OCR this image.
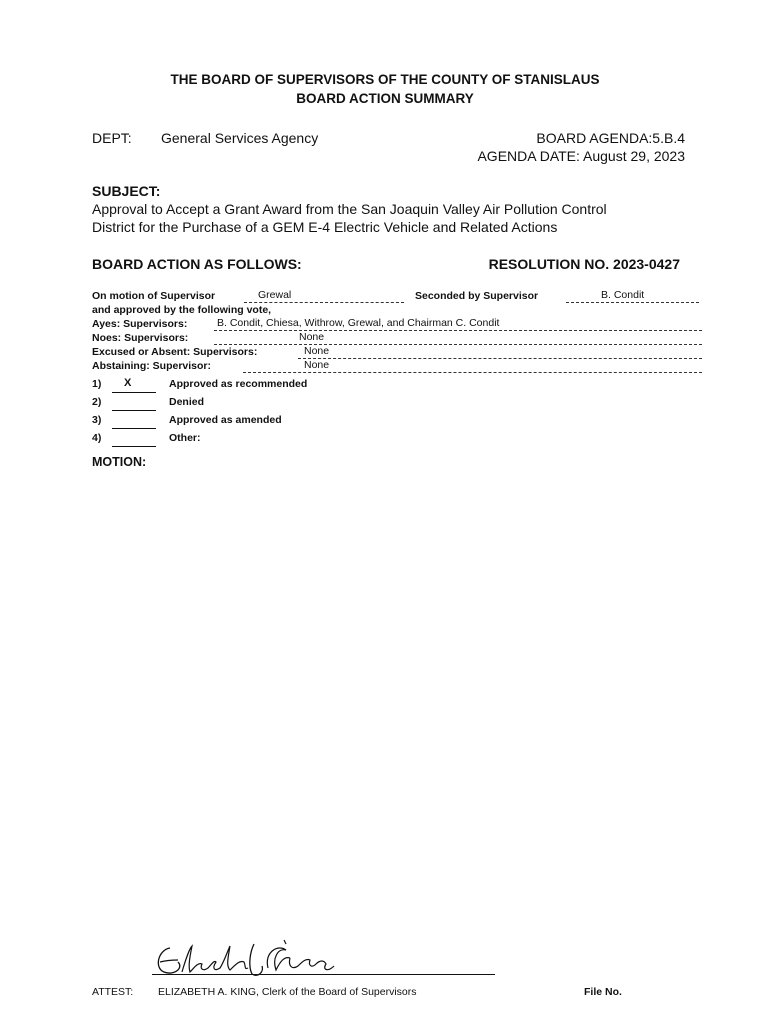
THE BOARD OF SUPERVISORS OF THE COUNTY OF STANISLAUS
BOARD ACTION SUMMARY
DEPT: General Services Agency	BOARD AGENDA:5.B.4
AGENDA DATE: August 29, 2023
SUBJECT:
Approval to Accept a Grant Award from the San Joaquin Valley Air Pollution Control
District for the Purchase of a GEM E-4 Electric Vehicle and Related Actions
BOARD ACTION AS FOLLOWS:	RESOLUTION NO. 2023-0427
On motion of Supervisor	Grewal	Seconded by Supervisor	B. Condit
and approved by the following vote,
Ayes: Supervisors:	B. Condit, Chiesa, Withrow, Grewal, and Chairman C. Condit
Noes: Supervisors:	None
Excused or Absent: Supervisors:	None
Abstaining: Supervisor:	None
1) X	Approved as recommended
2)	Denied
3)	Approved as amended
4)	Other:
MOTION:
ATTEST: ELIZABETH A. KING, Clerk of the Board of Supervisors	File No.
